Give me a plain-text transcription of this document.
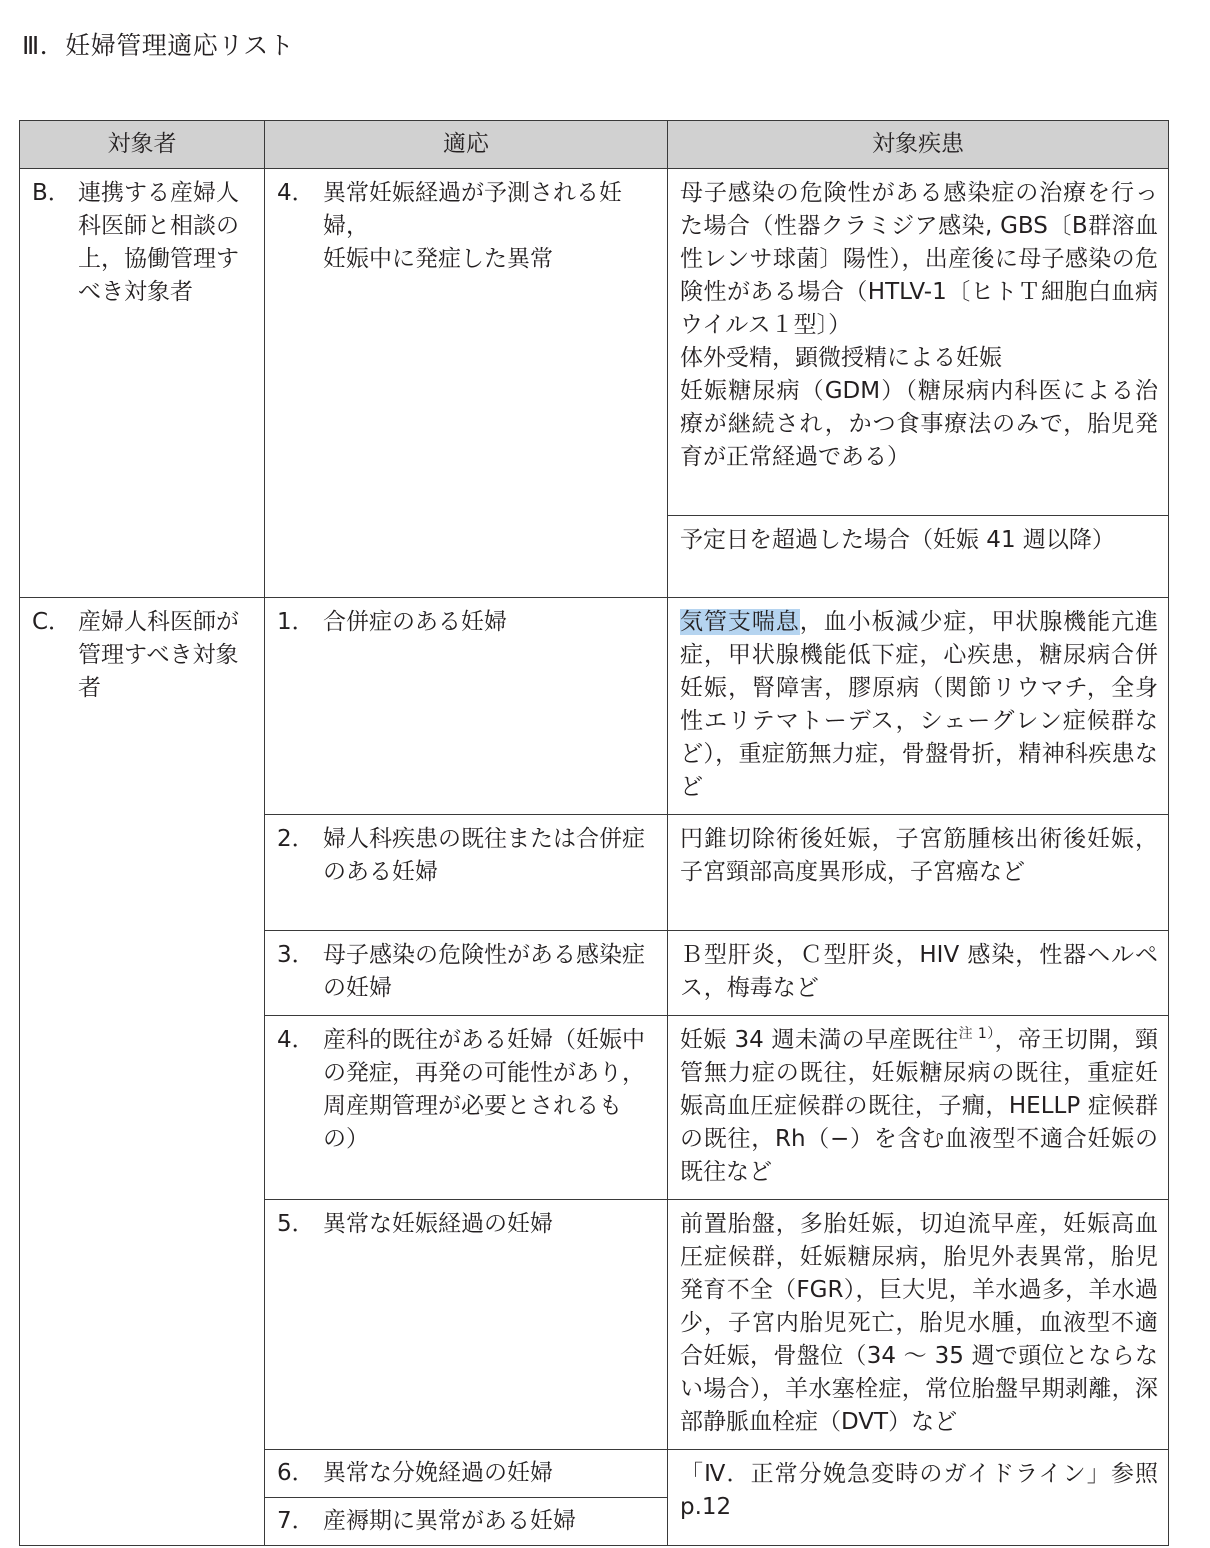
Ⅲ．妊婦管理適応リスト
対象者	適応	対象疾患

B． 連携する産婦人科医師と相談の上，協働管理すべき対象者	4． 異常妊娠経過が予測される妊婦，
妊娠中に発症した異常	母子感染の危険性がある感染症の治療を行った場合（性器クラミジア感染, GBS〔B群溶血性レンサ球菌〕陽性），出産後に母子感染の危険性がある場合（HTLV-1〔ヒトＴ細胞白血病ウイルス１型〕）
体外受精，顕微授精による妊娠
妊娠糖尿病（GDM）（糖尿病内科医による治療が継続され，かつ食事療法のみで，胎児発育が正常経過である）

		予定日を超過した場合（妊娠 41 週以降）

C． 産婦人科医師が管理すべき対象者	1． 合併症のある妊婦	気管支喘息，血小板減少症，甲状腺機能亢進症，甲状腺機能低下症，心疾患，糖尿病合併妊娠，腎障害，膠原病（関節リウマチ，全身性エリテマトーデス，シェーグレン症候群など），重症筋無力症，骨盤骨折，精神科疾患など

	2． 婦人科疾患の既往または合併症のある妊婦	円錐切除術後妊娠，子宮筋腫核出術後妊娠，子宮頸部高度異形成，子宮癌など

	3． 母子感染の危険性がある感染症の妊婦	Ｂ型肝炎，Ｃ型肝炎，HIV 感染，性器ヘルペス，梅毒など

	4． 産科的既往がある妊婦（妊娠中の発症，再発の可能性があり，周産期管理が必要とされるもの）	妊娠 34 週未満の早産既往$^{注 1)}$，帝王切開，頸管無力症の既往，妊娠糖尿病の既往，重症妊娠高血圧症候群の既往，子癇，HELLP 症候群の既往，Rh（−）を含む血液型不適合妊娠の既往など

	5． 異常な妊娠経過の妊婦	前置胎盤，多胎妊娠，切迫流早産，妊娠高血圧症候群，妊娠糖尿病，胎児外表異常，胎児発育不全（FGR），巨大児，羊水過多，羊水過少，子宮内胎児死亡，胎児水腫，血液型不適合妊娠，骨盤位（34 〜 35 週で頭位とならない場合），羊水塞栓症，常位胎盤早期剥離，深部静脈血栓症（DVT）など

	6． 異常な分娩経過の妊婦	「Ⅳ．正常分娩急変時のガイドライン」参照 p.12

	7． 産褥期に異常がある妊婦	
